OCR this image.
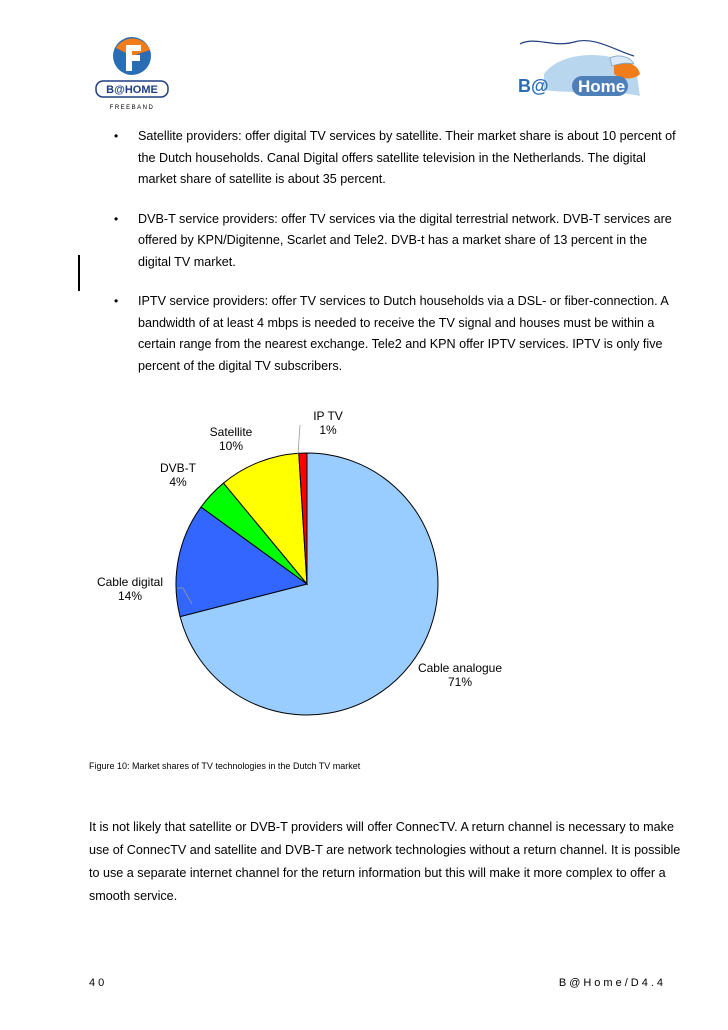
B@HOME
FREEBAND
B@ Home
•	Satellite providers: offer digital TV services by satellite. Their market share is about 10 percent of the Dutch households. Canal Digital offers satellite television in the Netherlands. The digital market share of satellite is about 35 percent.
•	DVB-T service providers: offer TV services via the digital terrestrial network. DVB-T services are offered by KPN/Digitenne, Scarlet and Tele2. DVB-t has a market share of 13 percent in the digital TV market.
•	IPTV service providers: offer TV services to Dutch households via a DSL- or fiber-connection. A bandwidth of at least 4 mbps is needed to receive the TV signal and houses must be within a certain range from the nearest exchange. Tele2 and KPN offer IPTV services. IPTV is only five percent of the digital TV subscribers.
Cable analogue
71%
Cable digital
14%
DVB-T
4%
Satellite
10%
IP TV
1%
Figure 10: Market shares of TV technologies in the Dutch TV market
It is not likely that satellite or DVB-T providers will offer ConnecTV. A return channel is necessary to make use of ConnecTV and satellite and DVB-T are network technologies without a return channel. It is possible to use a separate internet channel for the return information but this will make it more complex to offer a smooth service.
40	B@Home/D4.4
